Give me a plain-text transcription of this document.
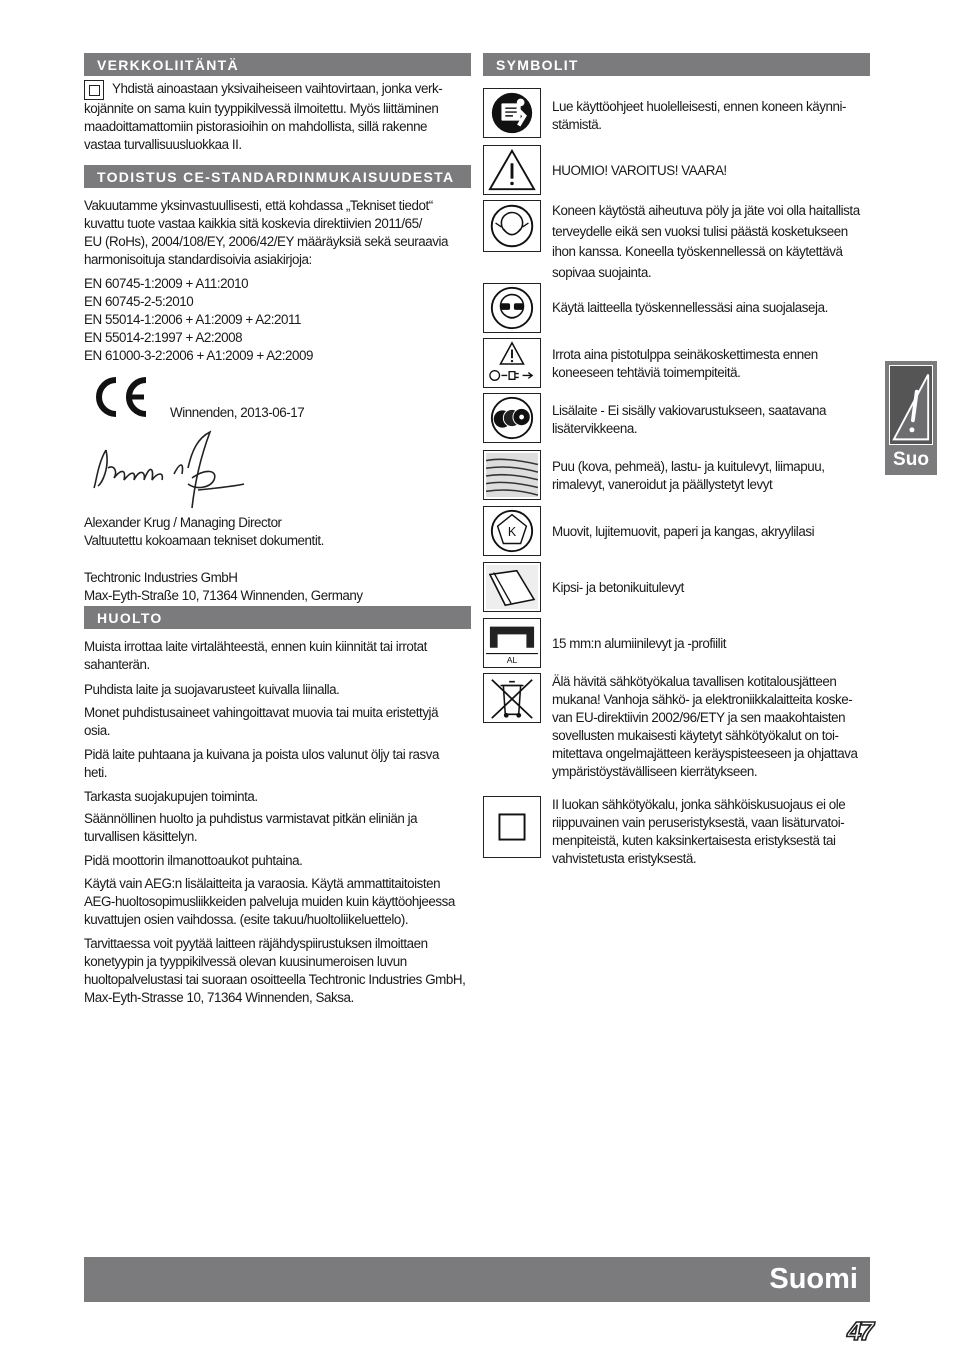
VERKKOLIITÄNTÄ

Yhdistä ainoastaan yksivaiheiseen vaihtovirtaan, jonka verk-

kojännite on sama kuin tyyppikilvessä ilmoitettu. Myös liittäminen

maadoittamattomiin pistorasioihin on mahdollista, sillä rakenne

vastaa turvallisuusluokkaa II.

TODISTUS CE-STANDARDINMUKAISUUDESTA

Vakuutamme yksinvastuullisesti, että kohdassa „Tekniset tiedot“

kuvattu tuote vastaa kaikkia sitä koskevia direktiivien 2011/65/

EU (RoHs), 2004/108/EY, 2006/42/EY määräyksiä sekä seuraavia

harmonisoituja standardisoivia asiakirjoja:

EN 60745-1:2009 + A11:2010

EN 60745-2-5:2010

EN 55014-1:2006 + A1:2009 + A2:2011

EN 55014-2:1997 + A2:2008

EN 61000-3-2:2006 + A1:2009 + A2:2009

Winnenden, 2013-06-17

Alexander Krug / Managing Director

Valtuutettu kokoamaan tekniset dokumentit.

Techtronic Industries GmbH

Max-Eyth-Straße 10, 71364 Winnenden, Germany

HUOLTO

Muista irrottaa laite virtalähteestä, ennen kuin kiinnität tai irrotat

sahanterän.

Puhdista laite ja suojavarusteet kuivalla liinalla.

Monet puhdistusaineet vahingoittavat muovia tai muita eristettyjä

osia.

Pidä laite puhtaana ja kuivana ja poista ulos valunut öljy tai rasva

heti.

Tarkasta suojakupujen toiminta.

Säännöllinen huolto ja puhdistus varmistavat pitkän eliniän ja

turvallisen käsittelyn.

Pidä moottorin ilmanottoaukot puhtaina.

Käytä vain AEG:n lisälaitteita ja varaosia. Käytä ammattitaitoisten

AEG-huoltosopimusliikkeiden palveluja muiden kuin käyttöohjeessa

kuvattujen osien vaihdossa. (esite takuu/huoltoliikeluettelo).

Tarvittaessa voit pyytää laitteen räjähdyspiirustuksen ilmoittaen

konetyypin ja tyyppikilvessä olevan kuusinumeroisen luvun

huoltopalvelustasi tai suoraan osoitteella Techtronic Industries GmbH,

Max-Eyth-Strasse 10, 71364 Winnenden, Saksa.

SYMBOLIT
Lue käyttöohjeet huolelleisesti, ennen koneen käynni-
stämistä.
HUOMIO! VAROITUS! VAARA!
Koneen käytöstä aiheutuva pöly ja jäte voi olla haitallista
terveydelle eikä sen vuoksi tulisi päästä kosketukseen
ihon kanssa. Koneella työskennellessä on käytettävä
sopivaa suojainta.
Käytä laitteella työskennellessäsi aina suojalaseja.
Irrota aina pistotulppa seinäkoskettimesta ennen
koneeseen tehtäviä toimempiteitä.
Lisälaite - Ei sisälly vakiovarustukseen, saatavana
lisätervikkeena.
Puu (kova, pehmeä), lastu- ja kuitulevyt, liimapuu,
rimalevyt, vaneroidut ja päällystetyt levyt
K	Muovit, lujitemuovit, paperi ja kangas, akryylilasi
Kipsi- ja betonikuitulevyt
AL
15 mm:n alumiinilevyt ja -profiilit
Älä hävitä sähkötyökalua tavallisen kotitalousjätteen
mukana! Vanhoja sähkö- ja elektroniikkalaitteita koske-
van EU-direktiivin 2002/96/ETY ja sen maakohtaisten
sovellusten mukaisesti käytetyt sähkötyökalut on toi-
mitettava ongelmajätteen keräyspisteeseen ja ohjattava
ympäristöystävälliseen kierrätykseen.
II luokan sähkötyökalu, jonka sähköiskusuojaus ei ole
riippuvainen vain peruseristyksestä, vaan lisäturvatoi-
menpiteistä, kuten kaksinkertaisesta eristyksestä tai
vahvistetusta eristyksestä.
Suo
Suomi
47
